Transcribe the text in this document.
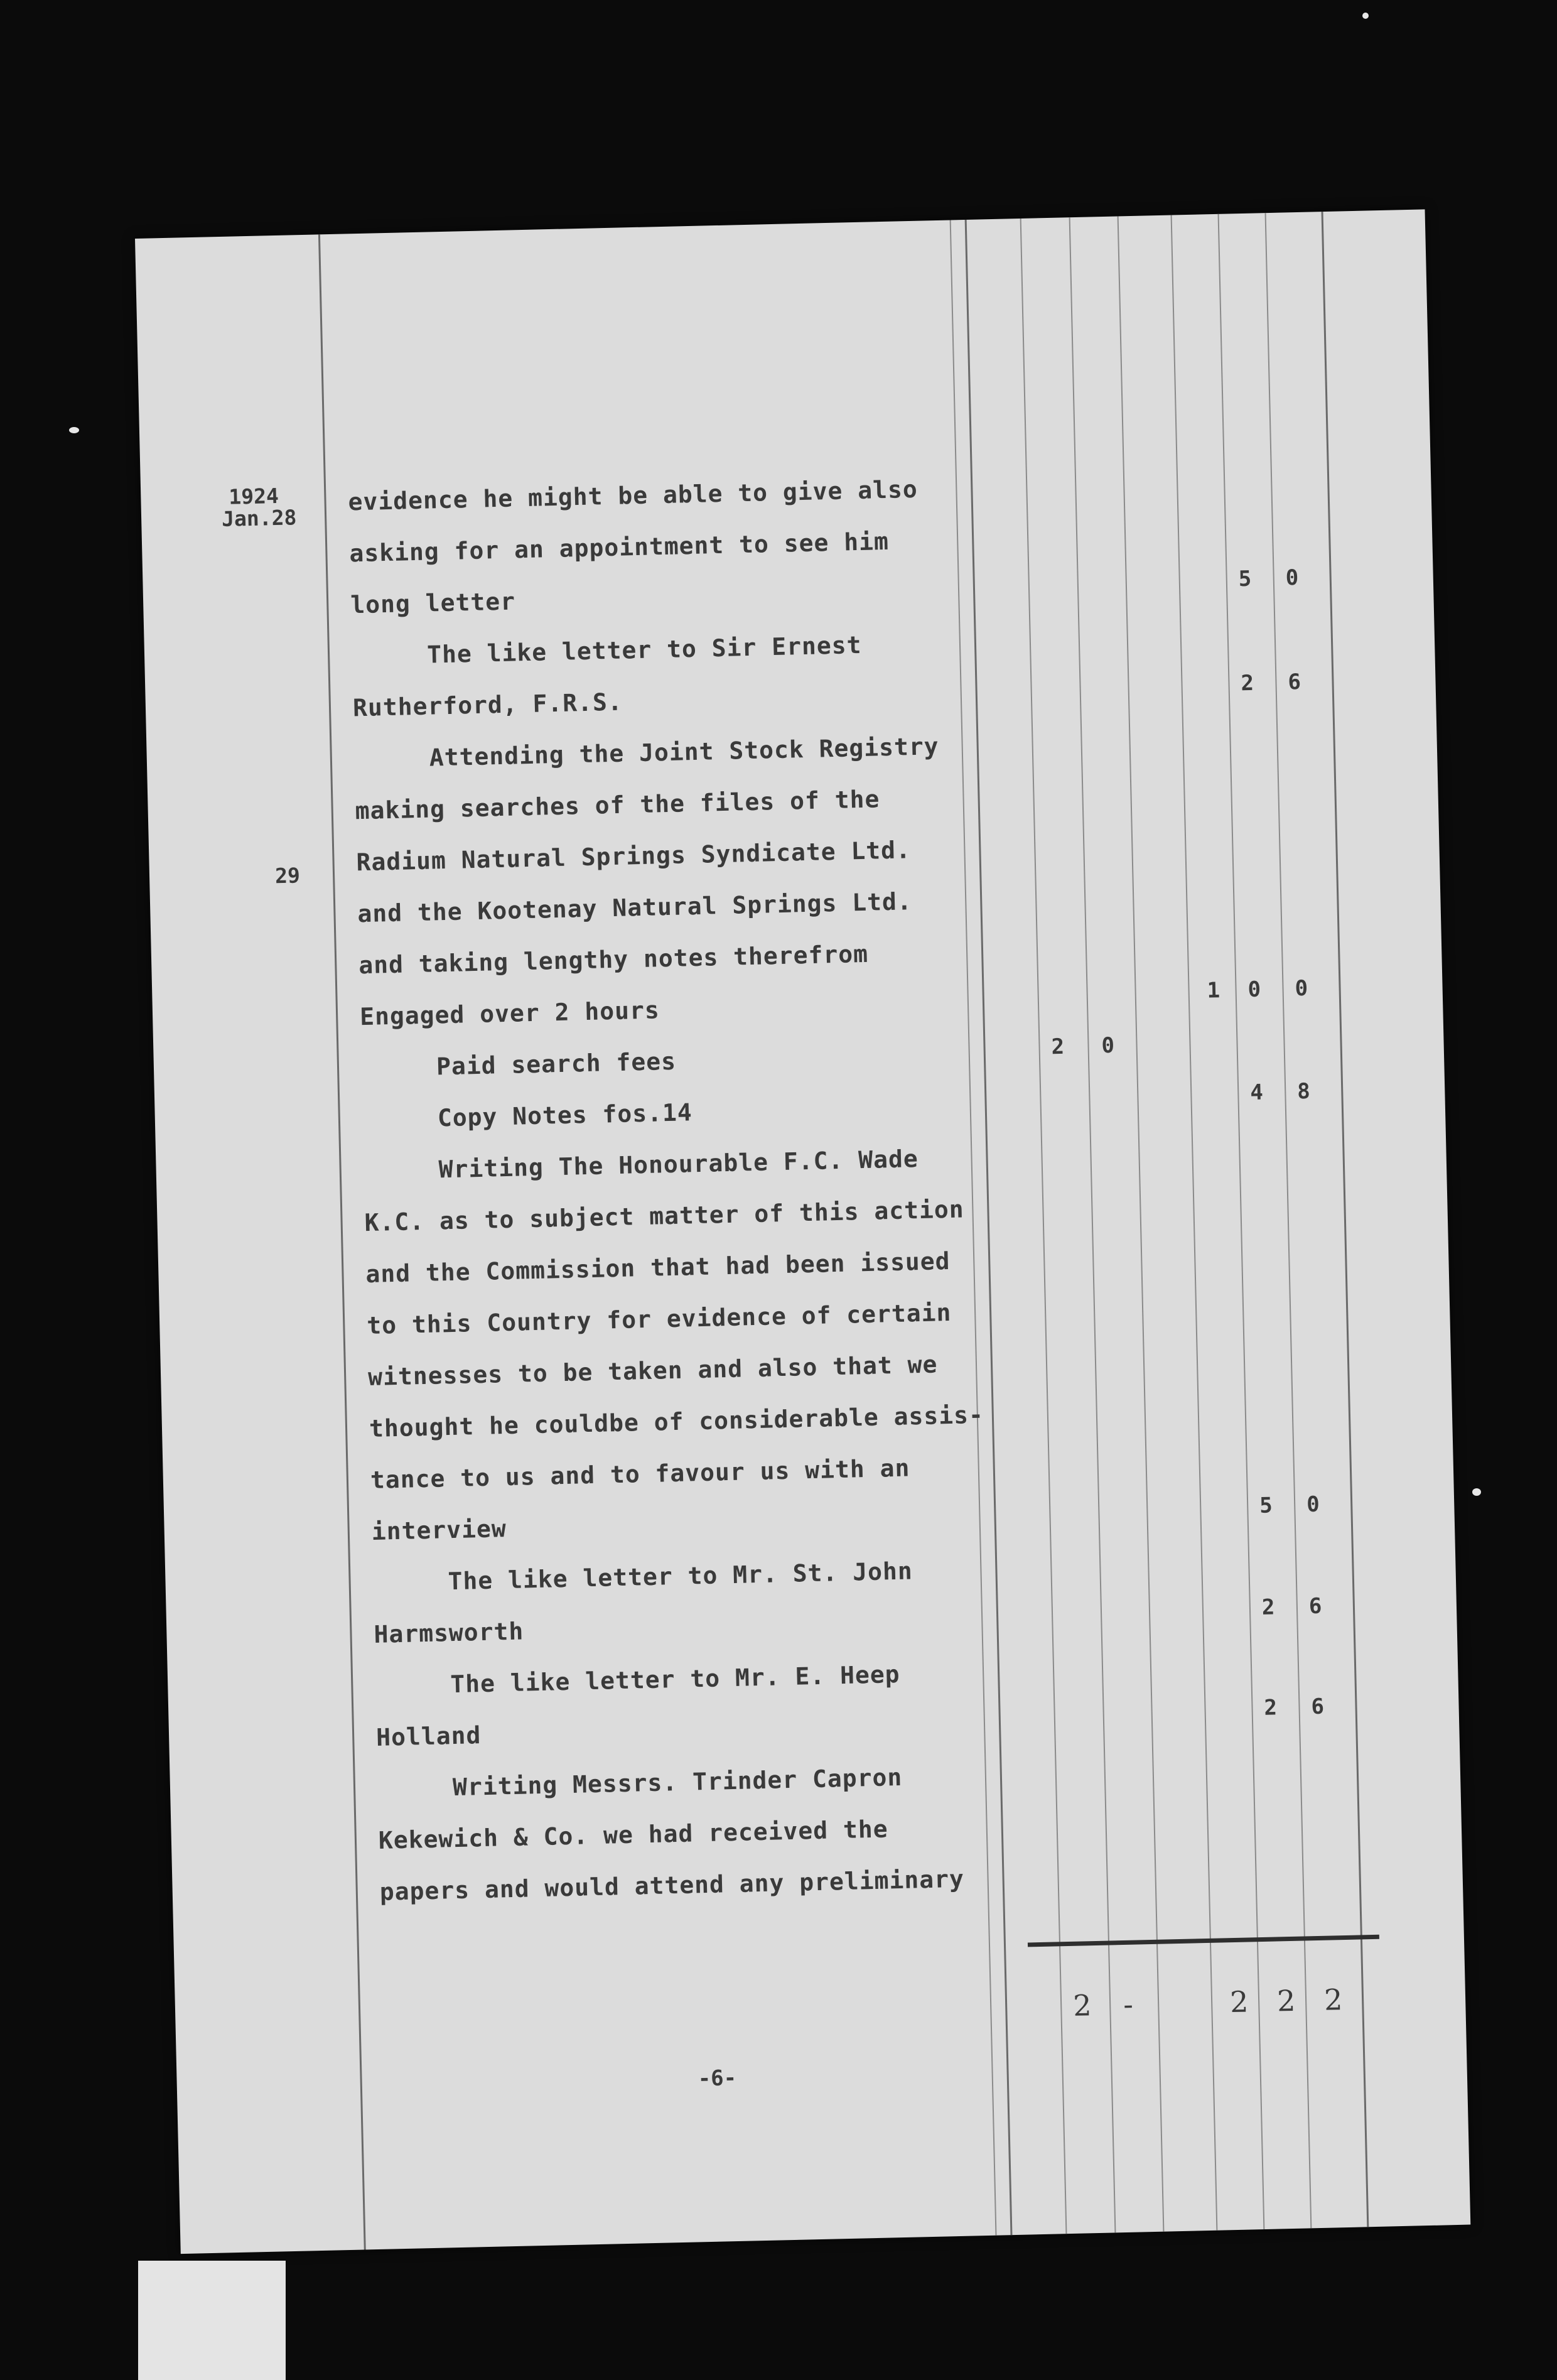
1924
Jan.28
29
evidence he might be able to give also
asking for an appointment to see him
long letter
The like letter to Sir Ernest
Rutherford, F.R.S.
Attending the Joint Stock Registry
making searches of the files of the
Radium Natural Springs Syndicate Ltd.
and the Kootenay Natural Springs Ltd.
and taking lengthy notes therefrom
Engaged over 2 hours
Paid search fees
Copy Notes fos.14
Writing The Honourable F.C. Wade
K.C. as to subject matter of this action
and the Commission that had been issued
to this Country for evidence of certain
witnesses to be taken and also that we
thought he couldbe of considerable assis-
tance to us and to favour us with an
interview
The like letter to Mr. St. John
Harmsworth
The like letter to Mr. E. Heep
Holland
Writing Messrs. Trinder Capron
Kekewich & Co. we had received the
papers and would attend any preliminary
5 0
2 6
1 0 0
2 0
4 8
5 0
2 6
2 6
2 -	2 2 2
-6-
